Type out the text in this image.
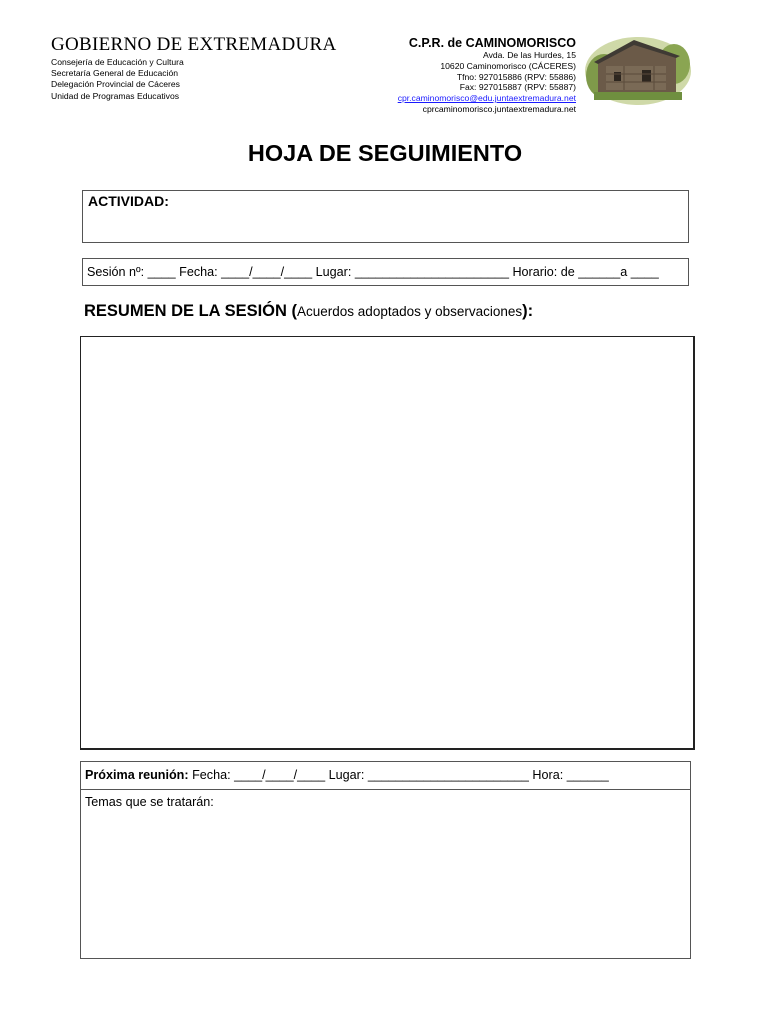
GOBIERNO DE EXTREMADURA
Consejería de Educación y Cultura
Secretaría General de Educación
Delegación Provincial de Cáceres
Unidad de Programas Educativos
C.P.R. de CAMINOMORISCO
Avda. De las Hurdes, 15
10620 Caminomorisco (CÁCERES)
Tfno: 927015886 (RPV: 55886)
Fax: 927015887 (RPV: 55887)
cpr.caminomorisco@edu.juntaextremadura.net
cprcaminomorisco.juntaextremadura.net
HOJA DE SEGUIMIENTO
ACTIVIDAD:
Sesión nº: ____ Fecha: ____/____/____ Lugar: ______________________ Horario: de ______a ____
RESUMEN DE LA SESIÓN (Acuerdos adoptados y observaciones):
Próxima reunión: Fecha: ____/____/____ Lugar: _______________________ Hora: ______
Temas que se tratarán:
